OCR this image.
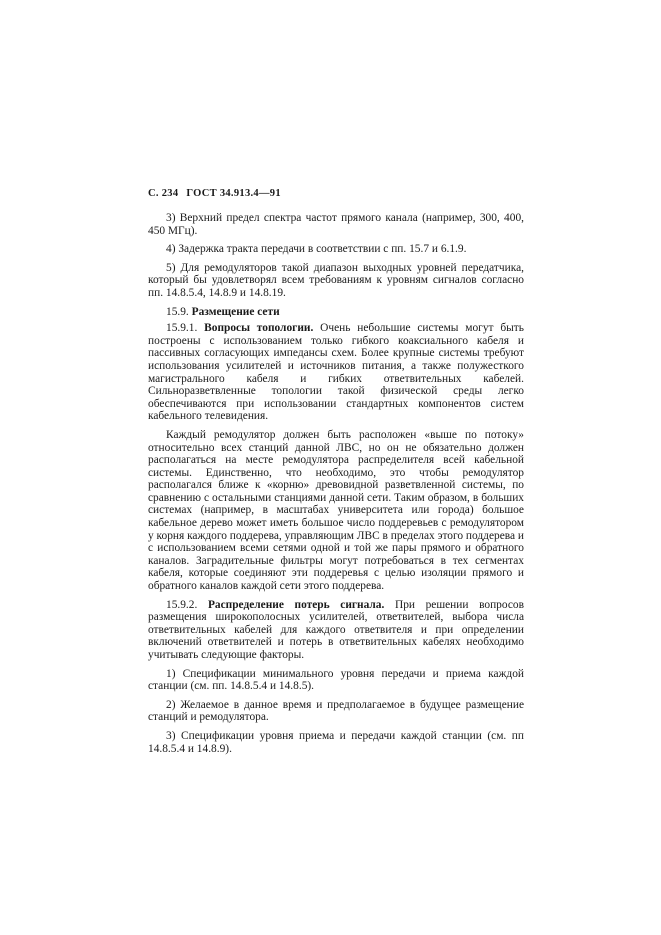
С. 234 ГОСТ 34.913.4—91

3) Верхний предел спектра частот прямого канала (например, 300, 400, 450 МГц).

4) Задержка тракта передачи в соответствии с пп. 15.7 и 6.1.9.

5) Для ремодуляторов такой диапазон выходных уровней передатчика, который бы удовлетворял всем требованиям к уровням сигналов согласно пп. 14.8.5.4, 14.8.9 и 14.8.19.

15.9. Размещение сети

15.9.1. Вопросы топологии. Очень небольшие системы могут быть построены с использованием только гибкого коаксиального кабеля и пассивных согласующих импедансы схем. Более крупные системы требуют использования усилителей и источников питания, а также полужесткого магистрального кабеля и гибких ответвительных кабелей. Сильноразветвленные топологии такой физической среды легко обеспечиваются при использовании стандартных компонентов систем кабельного телевидения.

Каждый ремодулятор должен быть расположен «выше по потоку» относительно всех станций данной ЛВС, но он не обязательно должен располагаться на месте ремодулятора распределителя всей кабельной системы. Единственно, что необходимо, это чтобы ремодулятор располагался ближе к «корню» древовидной разветвленной системы, по сравнению с остальными станциями данной сети. Таким образом, в больших системах (например, в масштабах университета или города) большое кабельное дерево может иметь большое число поддеревьев с ремодулятором у корня каждого поддерева, управляющим ЛВС в пределах этого поддерева и с использованием всеми сетями одной и той же пары прямого и обратного каналов. Заградительные фильтры могут потребоваться в тех сегментах кабеля, которые соединяют эти поддеревья с целью изоляции прямого и обратного каналов каждой сети этого поддерева.

15.9.2. Распределение потерь сигнала. При решении вопросов размещения широкополосных усилителей, ответвителей, выбора числа ответвительных кабелей для каждого ответвителя и при определении включений ответвителей и потерь в ответвительных кабелях необходимо учитывать следующие факторы.

1) Спецификации минимального уровня передачи и приема каждой станции (см. пп. 14.8.5.4 и 14.8.5).

2) Желаемое в данное время и предполагаемое в будущее размещение станций и ремодулятора.

3) Спецификации уровня приема и передачи каждой станции (см. пп 14.8.5.4 и 14.8.9).
